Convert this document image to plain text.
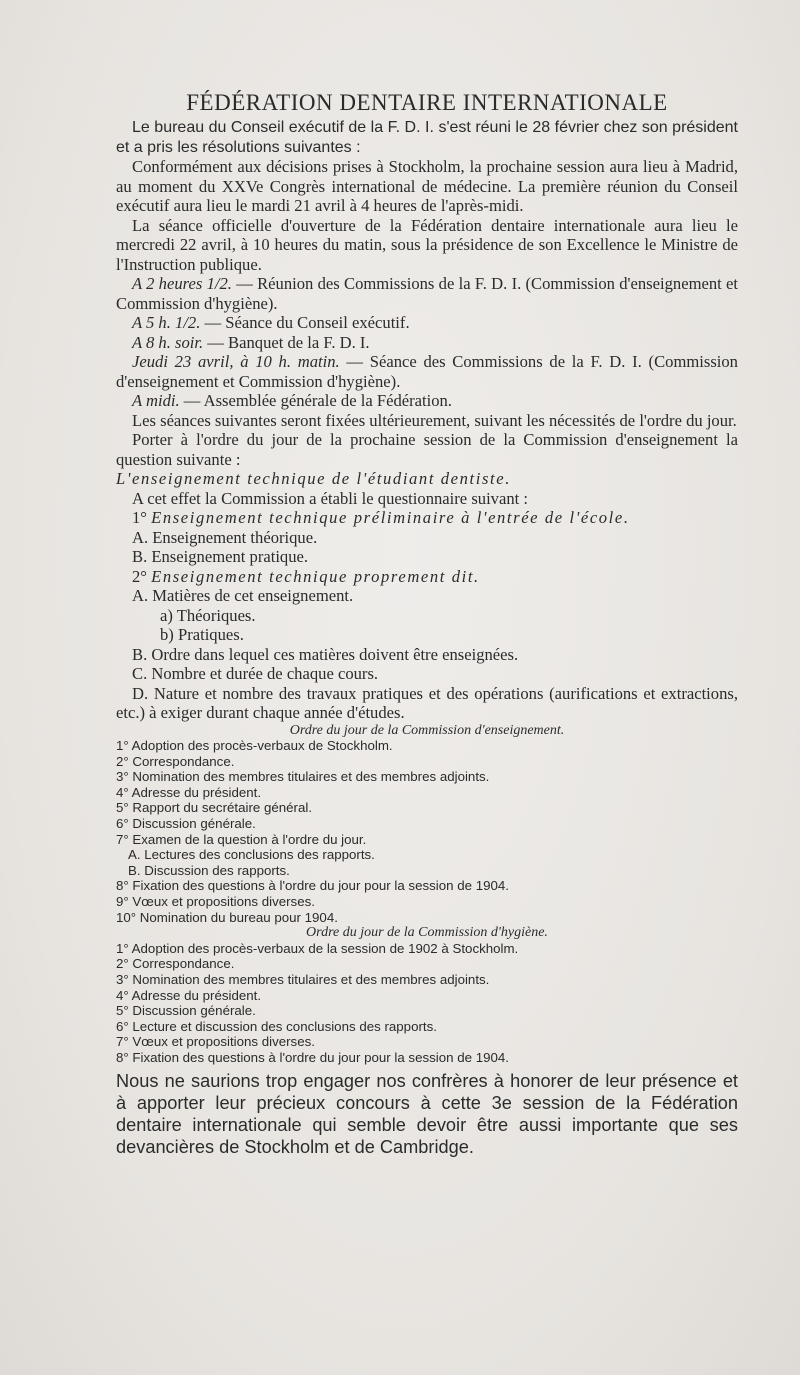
FÉDÉRATION DENTAIRE INTERNATIONALE

Le bureau du Conseil exécutif de la F. D. I. s'est réuni le 28 février chez son président et a pris les résolutions suivantes :

Conformément aux décisions prises à Stockholm, la prochaine session aura lieu à Madrid, au moment du XXVe Congrès international de médecine. La première réunion du Conseil exécutif aura lieu le mardi 21 avril à 4 heures de l'après-midi.

La séance officielle d'ouverture de la Fédération dentaire internationale aura lieu le mercredi 22 avril, à 10 heures du matin, sous la présidence de son Excellence le Ministre de l'Instruction publique.

A 2 heures 1/2. — Réunion des Commissions de la F. D. I. (Commission d'enseignement et Commission d'hygiène).

A 5 h. 1/2. — Séance du Conseil exécutif.

A 8 h. soir. — Banquet de la F. D. I.

Jeudi 23 avril, à 10 h. matin. — Séance des Commissions de la F. D. I. (Commission d'enseignement et Commission d'hygiène).

A midi. — Assemblée générale de la Fédération.

Les séances suivantes seront fixées ultérieurement, suivant les nécessités de l'ordre du jour.

Porter à l'ordre du jour de la prochaine session de la Commission d'enseignement la question suivante :

L'enseignement technique de l'étudiant dentiste.

A cet effet la Commission a établi le questionnaire suivant :

1° Enseignement technique préliminaire à l'entrée de l'école.

A. Enseignement théorique.

B. Enseignement pratique.

2° Enseignement technique proprement dit.

A. Matières de cet enseignement.

a) Théoriques.

b) Pratiques.

B. Ordre dans lequel ces matières doivent être enseignées.

C. Nombre et durée de chaque cours.

D. Nature et nombre des travaux pratiques et des opérations (aurifications et extractions, etc.) à exiger durant chaque année d'études.

Ordre du jour de la Commission d'enseignement.

1° Adoption des procès-verbaux de Stockholm.

2° Correspondance.

3° Nomination des membres titulaires et des membres adjoints.

4° Adresse du président.

5° Rapport du secrétaire général.

6° Discussion générale.

7° Examen de la question à l'ordre du jour.

A. Lectures des conclusions des rapports.

B. Discussion des rapports.

8° Fixation des questions à l'ordre du jour pour la session de 1904.

9° Vœux et propositions diverses.

10° Nomination du bureau pour 1904.

Ordre du jour de la Commission d'hygiène.

1° Adoption des procès-verbaux de la session de 1902 à Stockholm.

2° Correspondance.

3° Nomination des membres titulaires et des membres adjoints.

4° Adresse du président.

5° Discussion générale.

6° Lecture et discussion des conclusions des rapports.

7° Vœux et propositions diverses.

8° Fixation des questions à l'ordre du jour pour la session de 1904.

Nous ne saurions trop engager nos confrères à honorer de leur présence et à apporter leur précieux concours à cette 3e session de la Fédération dentaire internationale qui semble devoir être aussi importante que ses devancières de Stockholm et de Cambridge.
